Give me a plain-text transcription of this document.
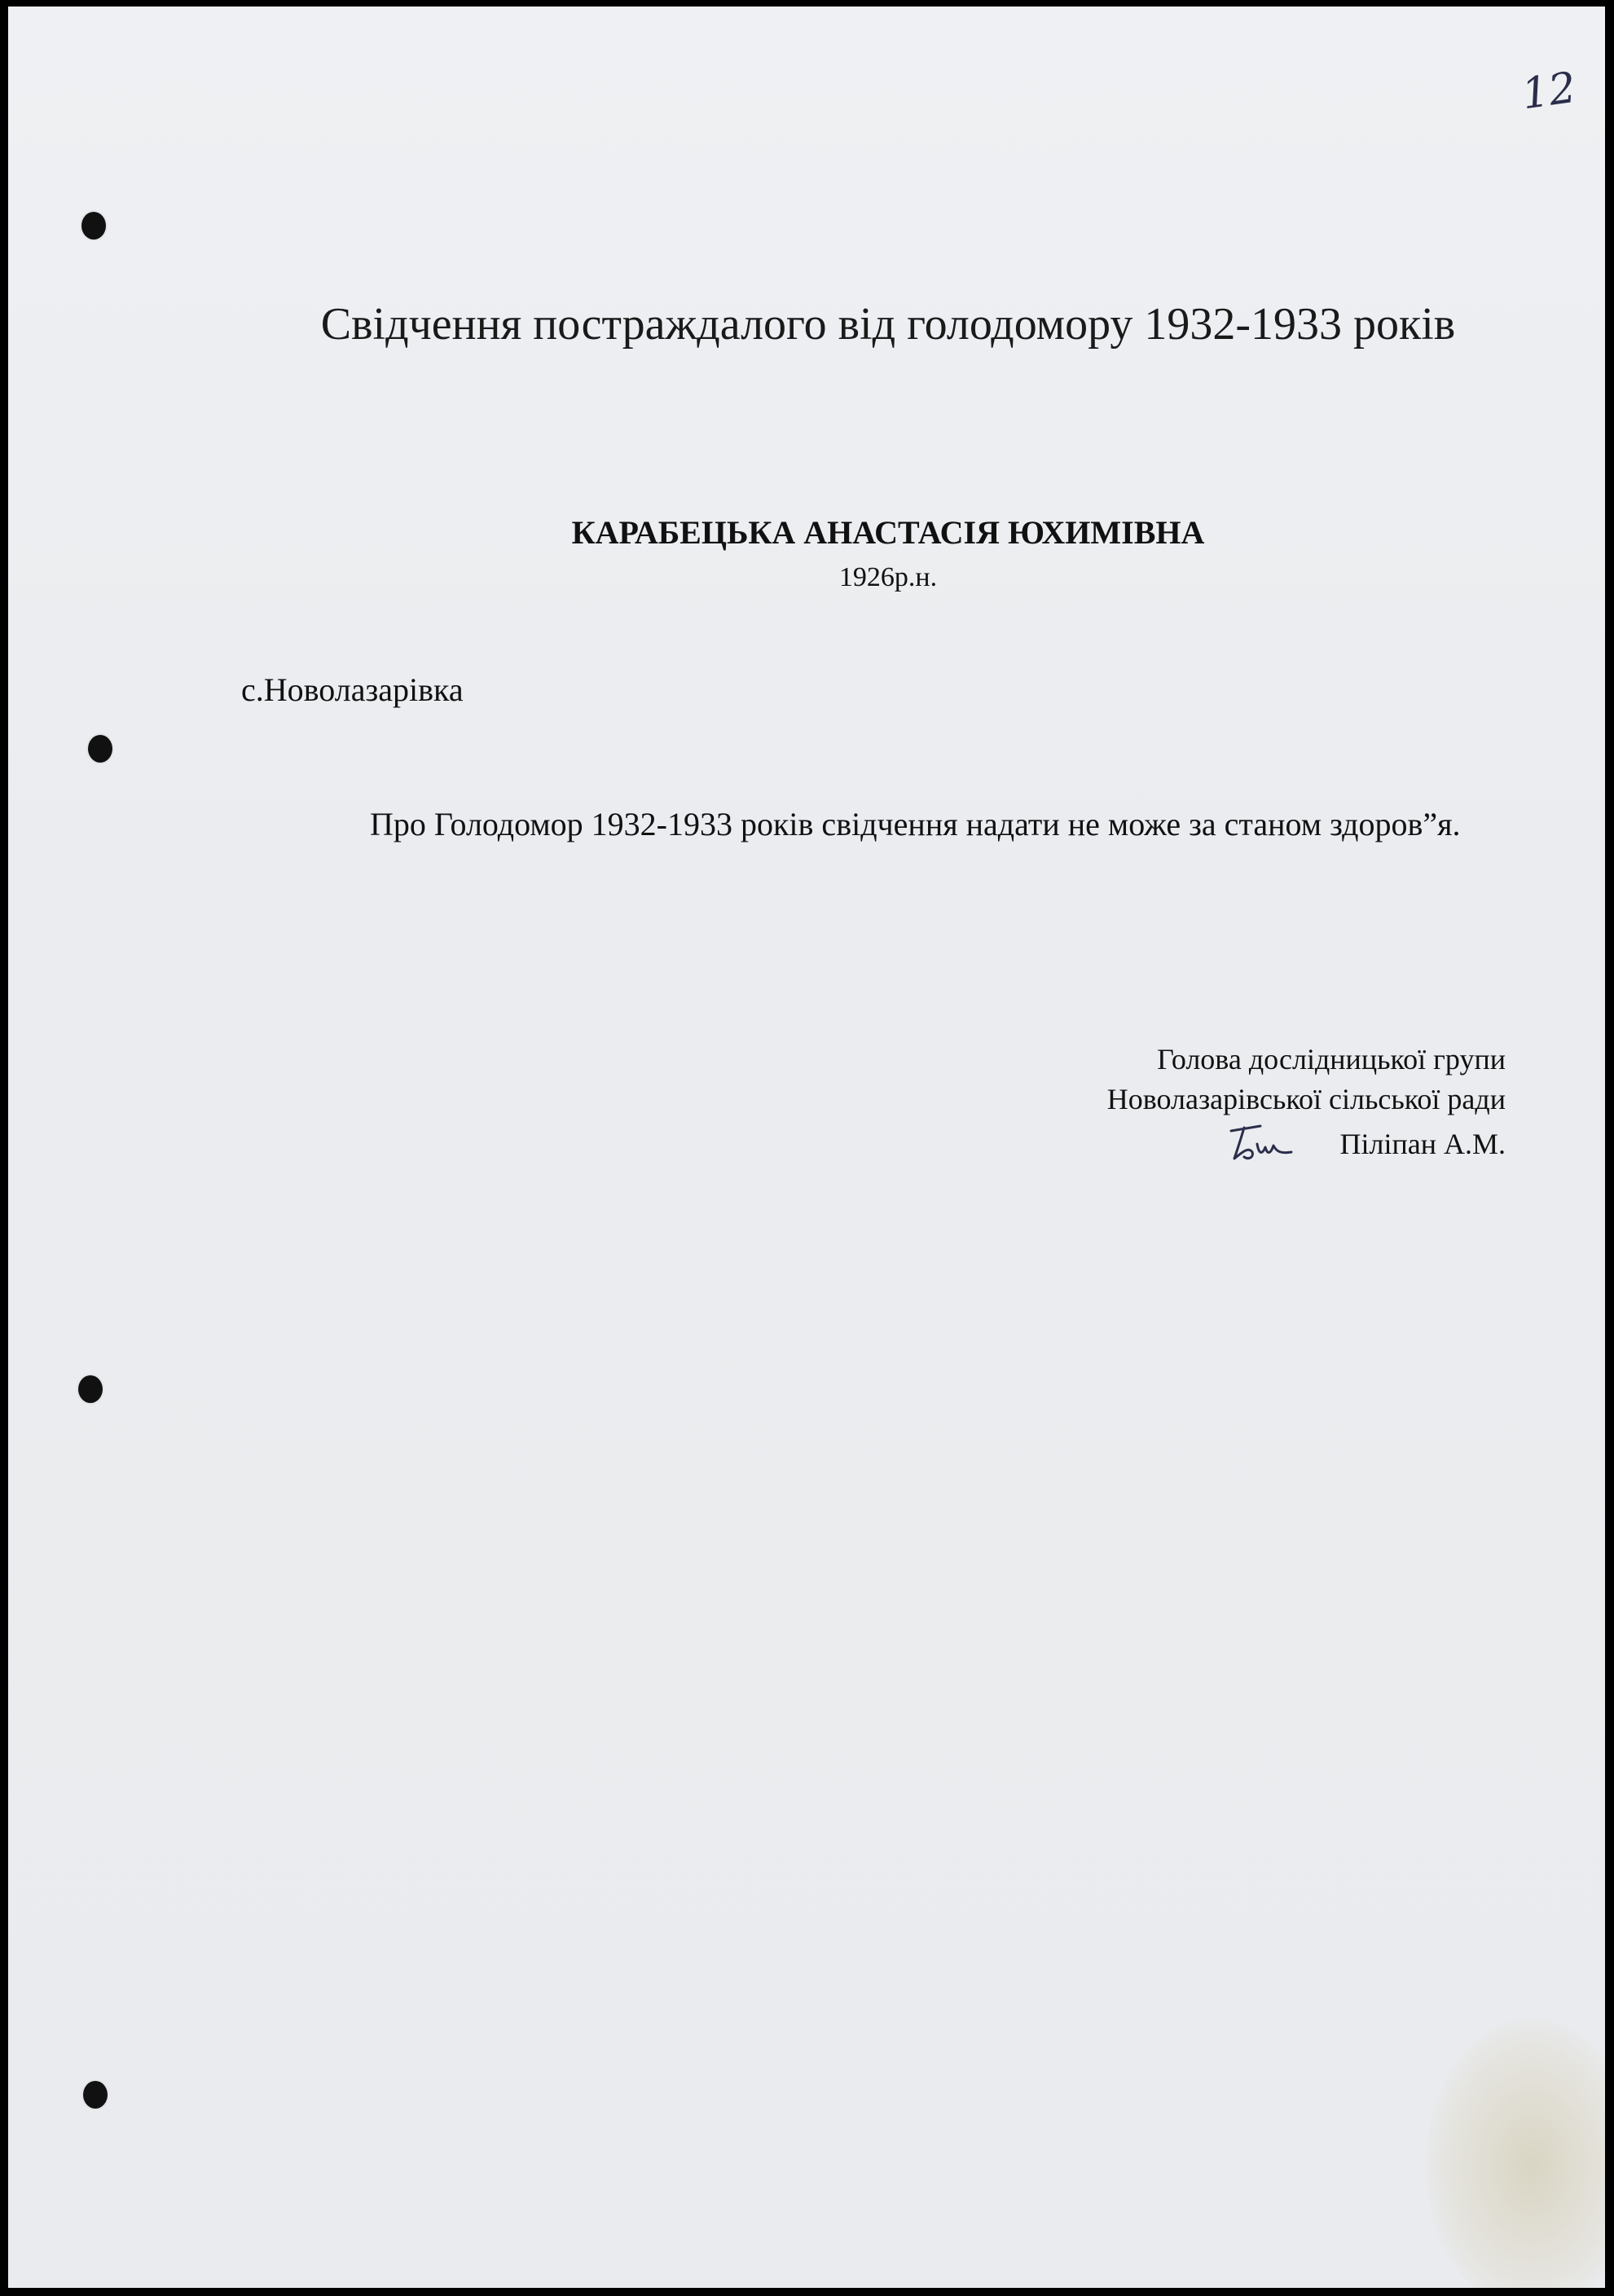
12
Свідчення постраждалого від голодомору 1932-1933 років
КАРАБЕЦЬКА АНАСТАСІЯ ЮХИМІВНА
1926р.н.
с.Новолазарівка

Про Голодомор 1932-1933 років свідчення надати не може за станом здоров”я.

Голова дослідницької групи
Новолазарівської сільської ради
Піліпан А.М.
